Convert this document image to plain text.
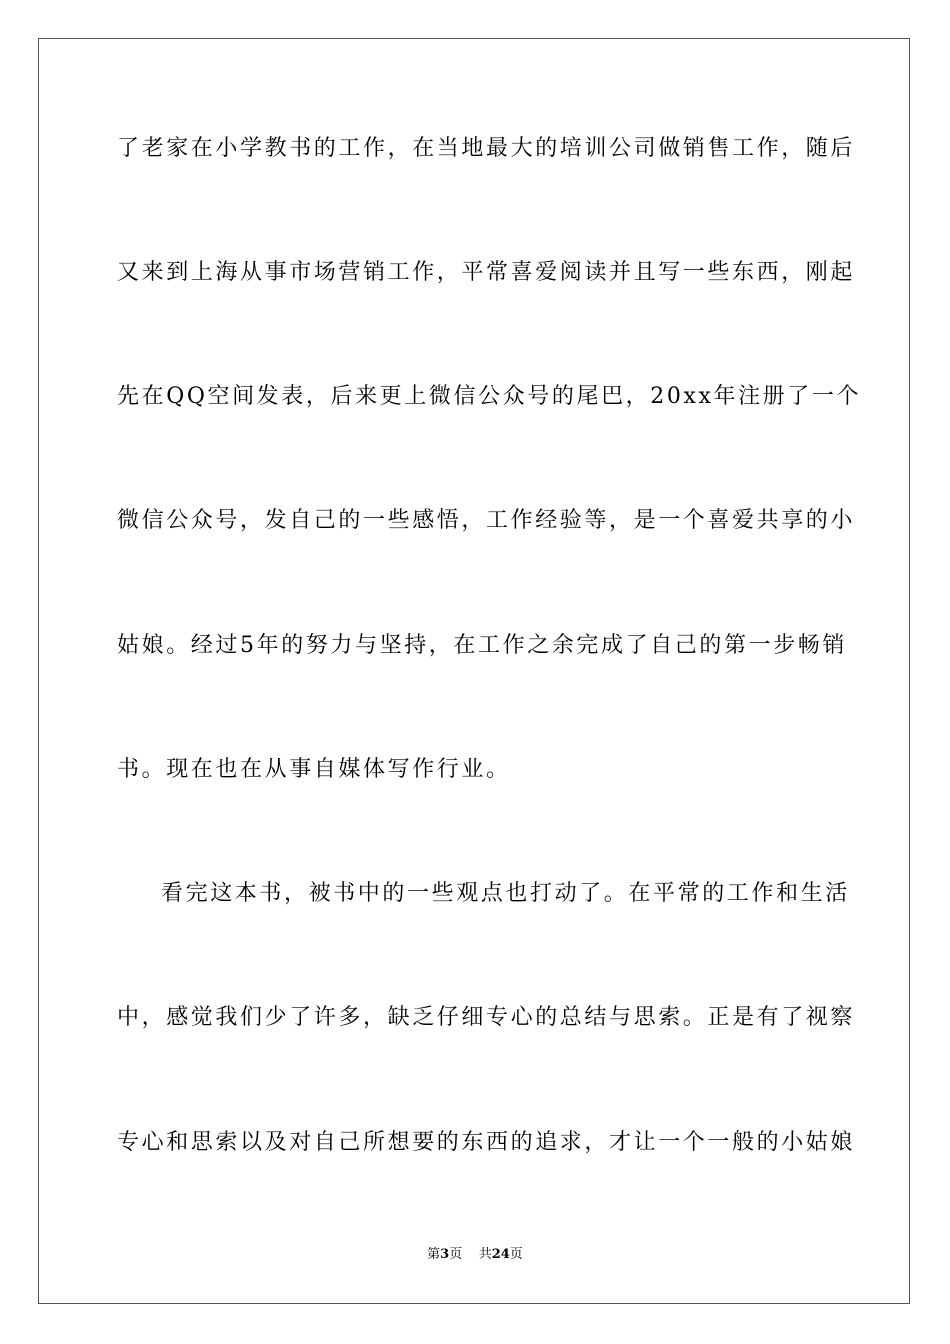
了老家在小学教书的工作，在当地最大的培训公司做销售工作，随后
又来到上海从事市场营销工作，平常喜爱阅读并且写一些东西，刚起
先在QQ空间发表，后来更上微信公众号的尾巴，20xx年注册了一个
微信公众号，发自己的一些感悟，工作经验等，是一个喜爱共享的小
姑娘。经过5年的努力与坚持，在工作之余完成了自己的第一步畅销
书。现在也在从事自媒体写作行业。
看完这本书，被书中的一些观点也打动了。在平常的工作和生活
中，感觉我们少了许多，缺乏仔细专心的总结与思索。正是有了视察
专心和思索以及对自己所想要的东西的追求，才让一个一般的小姑娘
第3页 共24页
